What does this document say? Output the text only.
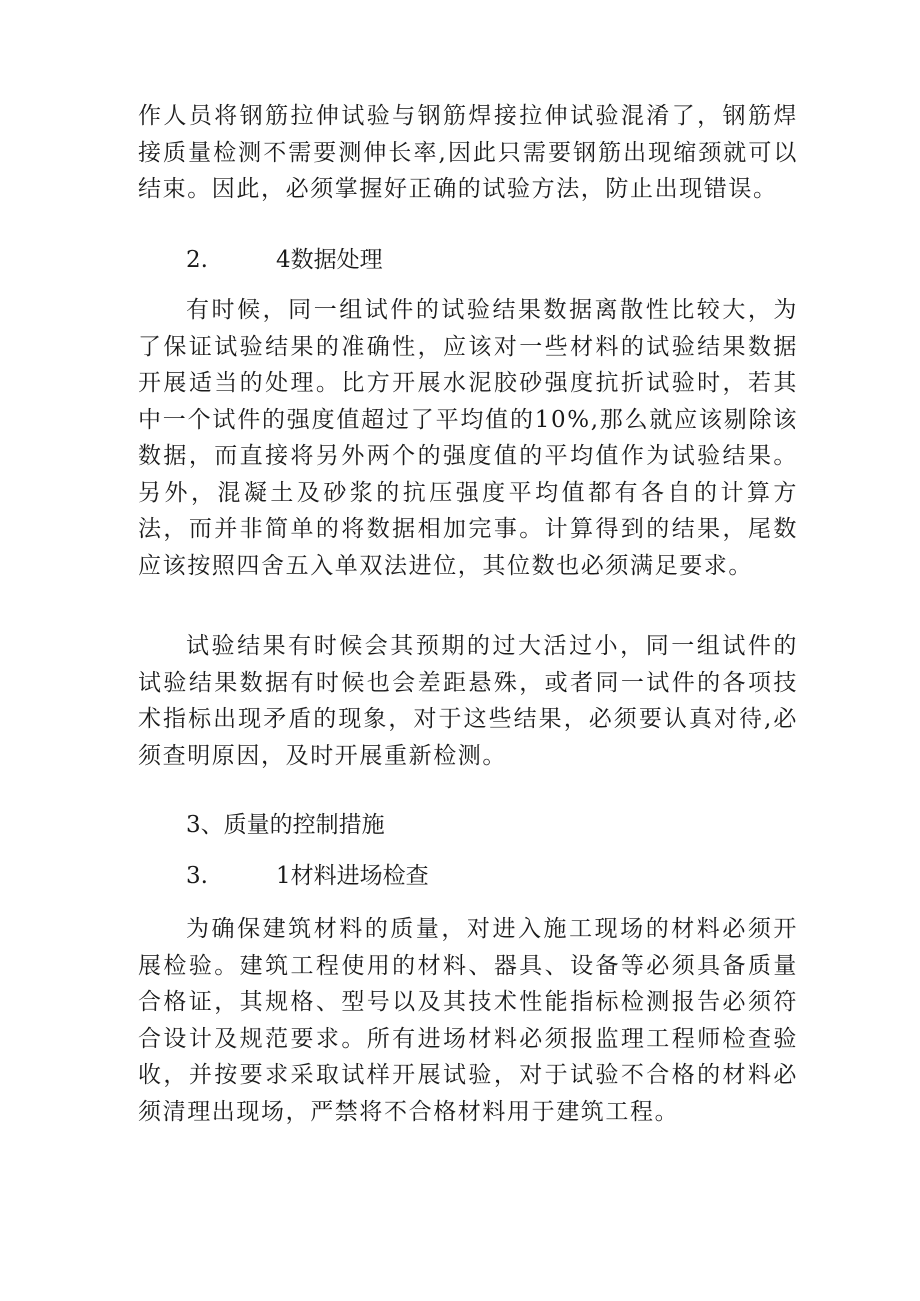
作人员将钢筋拉伸试验与钢筋焊接拉伸试验混淆了，钢筋焊接质量检测不需要测伸长率,因此只需要钢筋出现缩颈就可以结束。因此，必须掌握好正确的试验方法，防止出现错误。

2.	4数据处理

有时候，同一组试件的试验结果数据离散性比较大，为了保证试验结果的准确性，应该对一些材料的试验结果数据开展适当的处理。比方开展水泥胶砂强度抗折试验时，若其中一个试件的强度值超过了平均值的10%,那么就应该剔除该数据，而直接将另外两个的强度值的平均值作为试验结果。另外，混凝土及砂浆的抗压强度平均值都有各自的计算方法，而并非简单的将数据相加完事。计算得到的结果，尾数应该按照四舍五入单双法进位，其位数也必须满足要求。

试验结果有时候会其预期的过大活过小，同一组试件的试验结果数据有时候也会差距悬殊，或者同一试件的各项技术指标出现矛盾的现象，对于这些结果，必须要认真对待,必须查明原因，及时开展重新检测。

3、质量的控制措施

3.	1材料进场检查

为确保建筑材料的质量，对进入施工现场的材料必须开展检验。建筑工程使用的材料、器具、设备等必须具备质量合格证，其规格、型号以及其技术性能指标检测报告必须符合设计及规范要求。所有进场材料必须报监理工程师检查验收，并按要求采取试样开展试验，对于试验不合格的材料必须清理出现场，严禁将不合格材料用于建筑工程。
